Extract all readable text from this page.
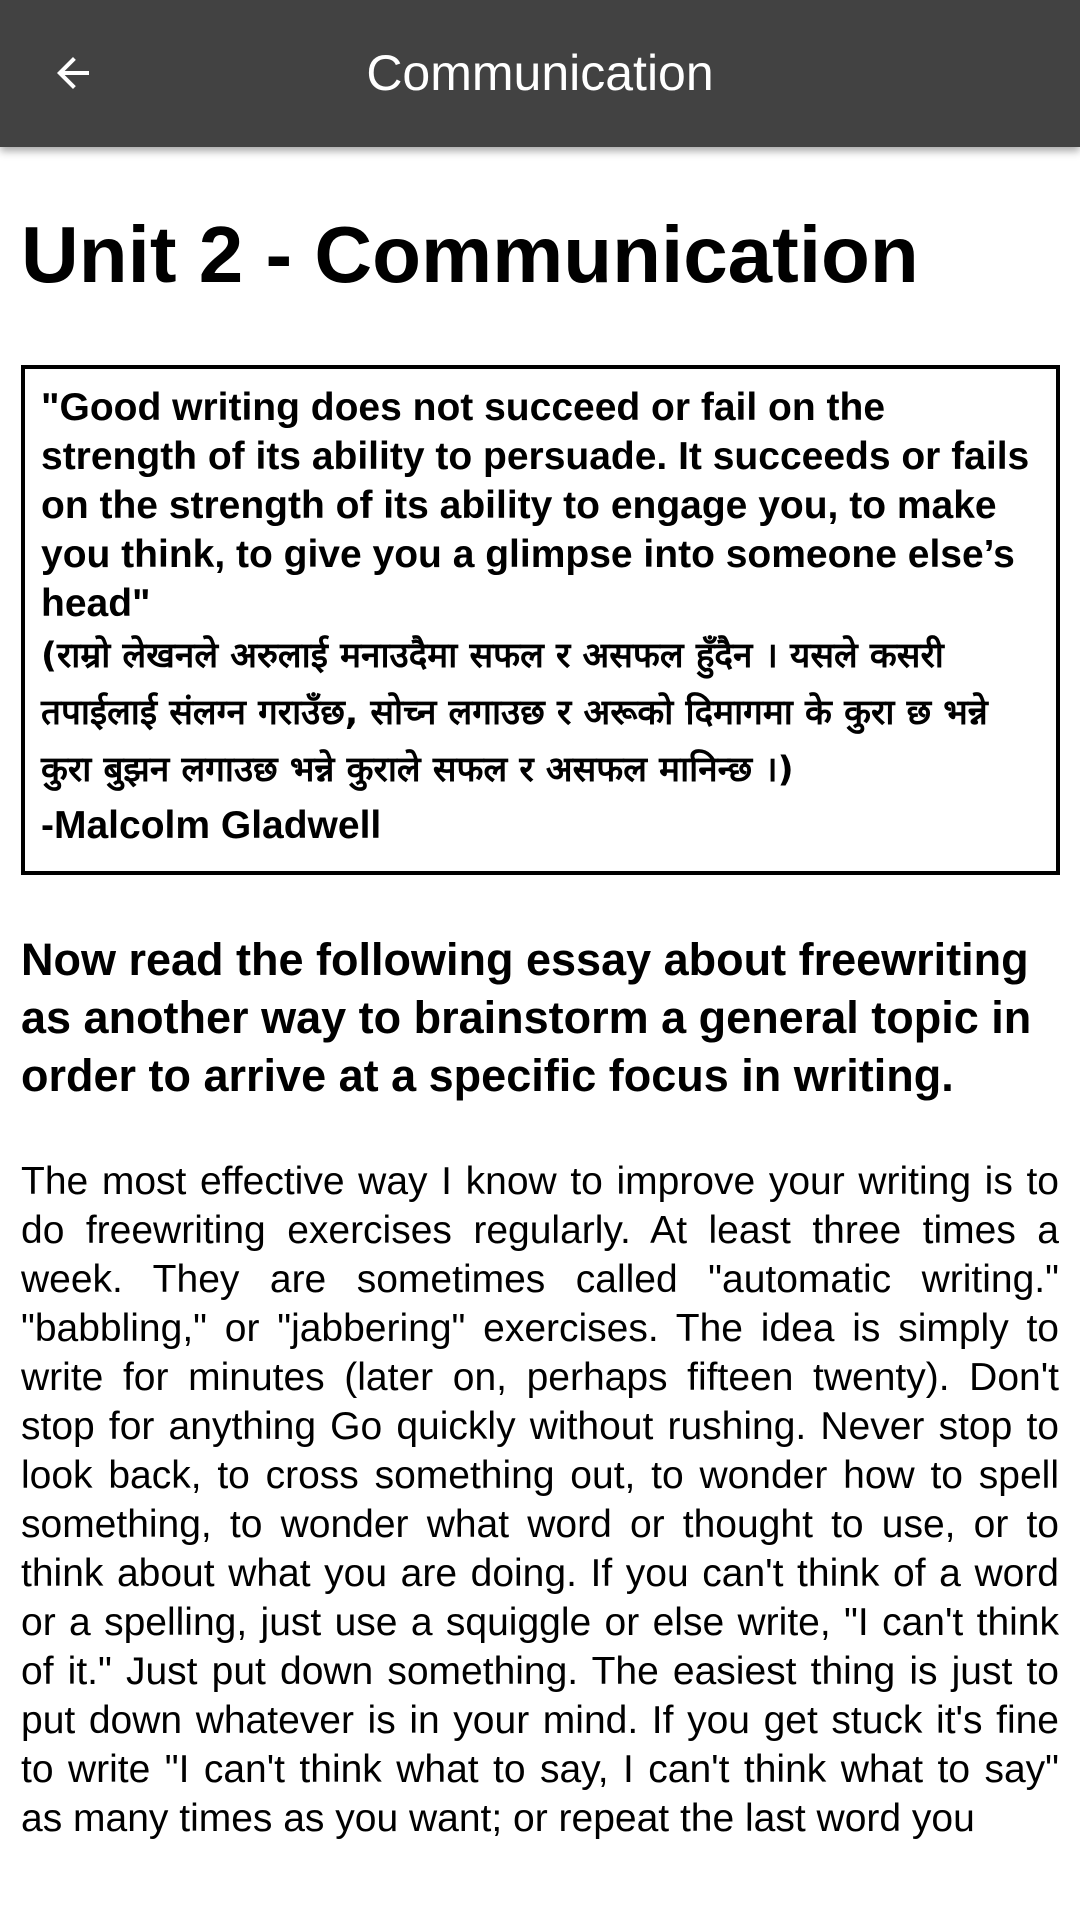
Communication
Unit 2 - Communication
"Good writing does not succeed or fail on the strength of its ability to persuade. It succeeds or fails on the strength of its ability to engage you, to make you think, to give you a glimpse into someone else’s head"
(राम्रो लेखनले अरुलाई मनाउदैमा सफल र असफल हुँदैन । यसले कसरी तपाईलाई संलग्न गराउँछ, सोच्न लगाउछ र अरूको दिमागमा के कुरा छ भन्ने कुरा बुझन लगाउछ भन्ने कुराले सफल र असफल मानिन्छ ।)
-Malcolm Gladwell
Now read the following essay about freewriting as another way to brainstorm a general topic in order to arrive at a specific focus in writing.

The most effective way I know to improve your writing is to do freewriting exercises regularly. At least three times a week. They are sometimes called "automatic writing." "babbling," or "jabbering" exercises. The idea is simply to write for minutes (later on, perhaps fifteen twenty). Don't stop for anything Go quickly without rushing. Never stop to look back, to cross something out, to wonder how to spell something, to wonder what word or thought to use, or to think about what you are doing. If you can't think of a word or a spelling, just use a squiggle or else write, "I can't think of it." Just put down something. The easiest thing is just to put down whatever is in your mind. If you get stuck it's fine to write "I can't think what to say, I can't think what to say" as many times as you want; or repeat the last word you
